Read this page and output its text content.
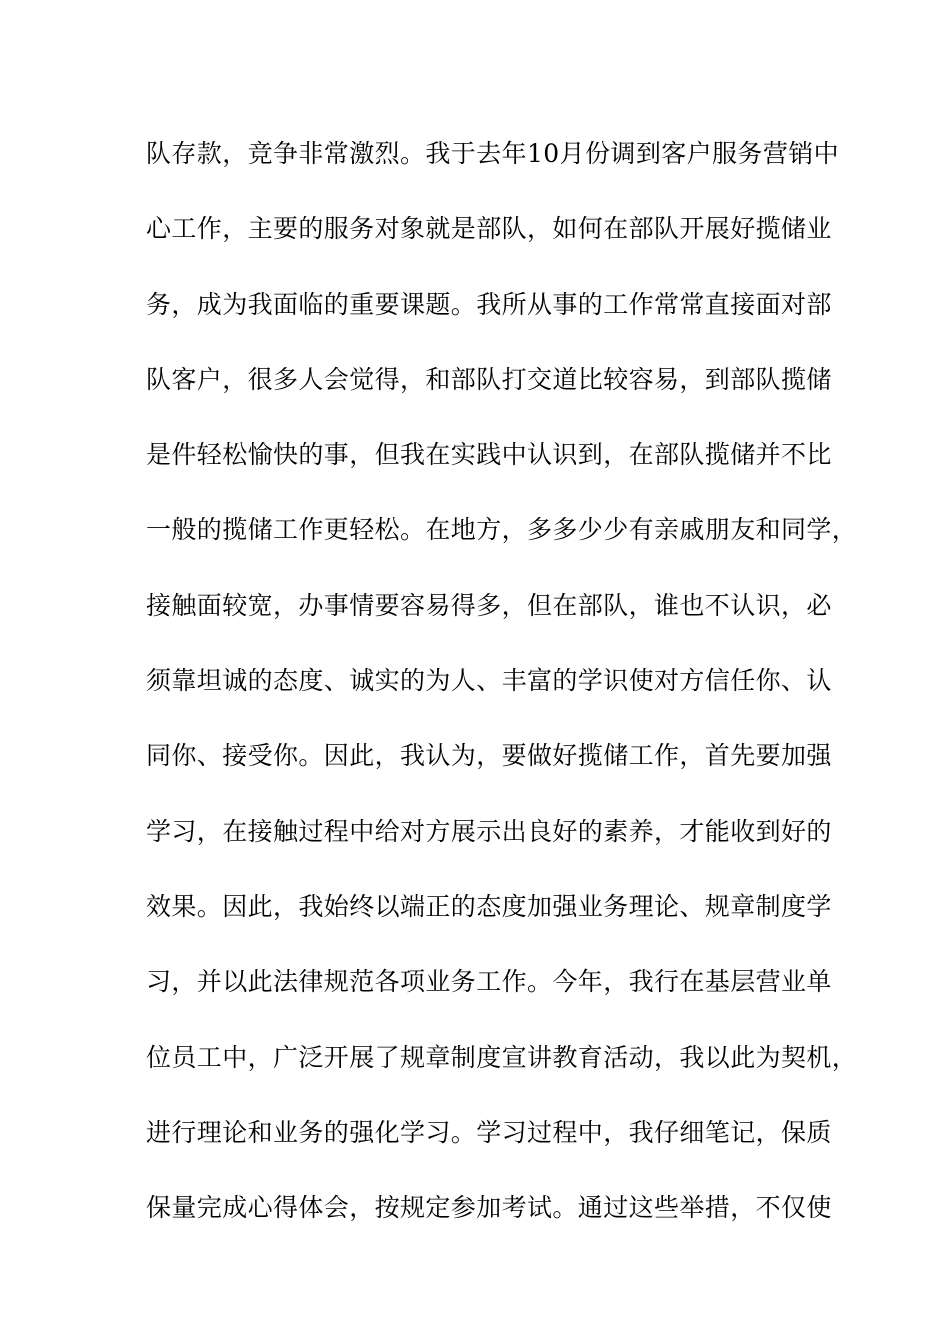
队存款，竞争非常激烈。我于去年10月份调到客户服务营销中
心工作，主要的服务对象就是部队，如何在部队开展好揽储业
务，成为我面临的重要课题。我所从事的工作常常直接面对部
队客户，很多人会觉得，和部队打交道比较容易，到部队揽储
是件轻松愉快的事，但我在实践中认识到，在部队揽储并不比
一般的揽储工作更轻松。在地方，多多少少有亲戚朋友和同学，
接触面较宽，办事情要容易得多，但在部队，谁也不认识，必
须靠坦诚的态度、诚实的为人、丰富的学识使对方信任你、认
同你、接受你。因此，我认为，要做好揽储工作，首先要加强
学习，在接触过程中给对方展示出良好的素养，才能收到好的
效果。因此，我始终以端正的态度加强业务理论、规章制度学
习，并以此法律规范各项业务工作。今年，我行在基层营业单
位员工中，广泛开展了规章制度宣讲教育活动，我以此为契机，
进行理论和业务的强化学习。学习过程中，我仔细笔记，保质
保量完成心得体会，按规定参加考试。通过这些举措，不仅使
